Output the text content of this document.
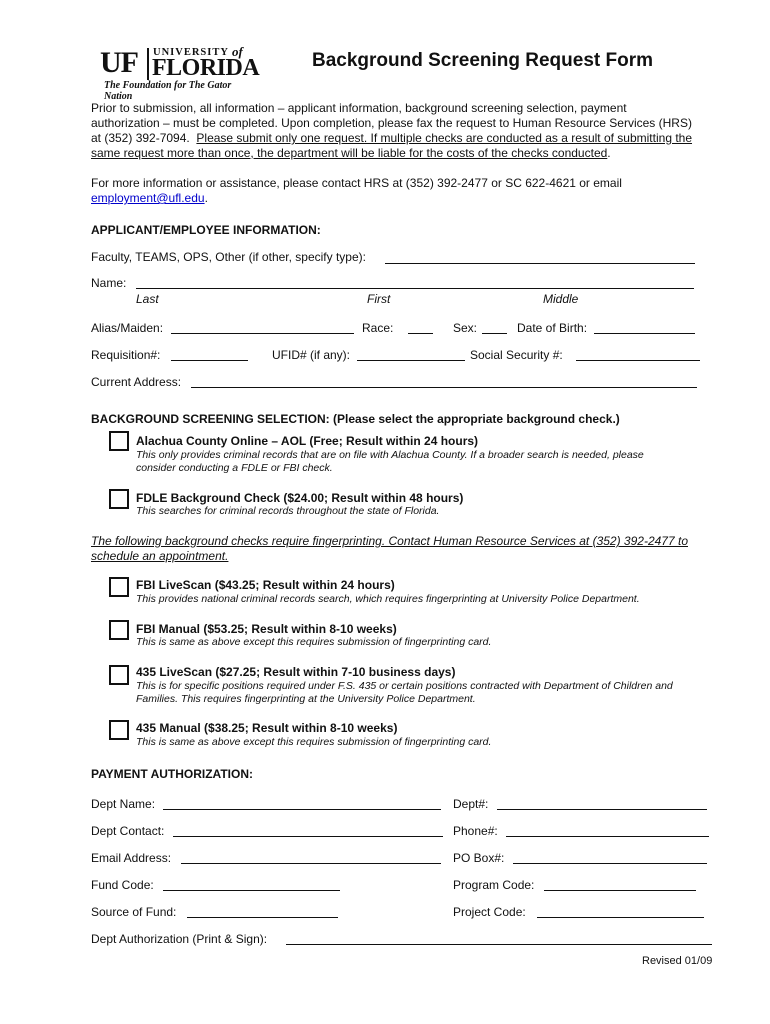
UF UNIVERSITY of
FLORIDA
The Foundation for The Gator Nation
Background Screening Request Form
Prior to submission, all information – applicant information, background screening selection, payment
authorization – must be completed. Upon completion, please fax the request to Human Resource Services (HRS)
at (352) 392-7094.  Please submit only one request. If multiple checks are conducted as a result of submitting the
same request more than once, the department will be liable for the costs of the checks conducted.
For more information or assistance, please contact HRS at (352) 392-2477 or SC 622-4621 or email
employment@ufl.edu.
APPLICANT/EMPLOYEE INFORMATION:
Faculty, TEAMS, OPS, Other (if other, specify type):
Name:
Last	First	Middle
Alias/Maiden:	Race:	Sex:	Date of Birth:
Requisition#:	UFID# (if any):	Social Security #:
Current Address:
BACKGROUND SCREENING SELECTION: (Please select the appropriate background check.)
Alachua County Online – AOL (Free; Result within 24 hours)
This only provides criminal records that are on file with Alachua County. If a broader search is needed, please
consider conducting a FDLE or FBI check.
FDLE Background Check ($24.00; Result within 48 hours)
This searches for criminal records throughout the state of Florida.
The following background checks require fingerprinting. Contact Human Resource Services at (352) 392-2477 to
schedule an appointment.
FBI LiveScan ($43.25; Result within 24 hours)
This provides national criminal records search, which requires fingerprinting at University Police Department.
FBI Manual ($53.25; Result within 8-10 weeks)
This is same as above except this requires submission of fingerprinting card.
435 LiveScan ($27.25; Result within 7-10 business days)
This is for specific positions required under F.S. 435 or certain positions contracted with Department of Children and
Families. This requires fingerprinting at the University Police Department.
435 Manual ($38.25; Result within 8-10 weeks)
This is same as above except this requires submission of fingerprinting card.
PAYMENT AUTHORIZATION:
Dept Name:	Dept#:
Dept Contact:	Phone#:
Email Address:	PO Box#:
Fund Code:	Program Code:
Source of Fund:	Project Code:
Dept Authorization (Print & Sign):
Revised 01/09
